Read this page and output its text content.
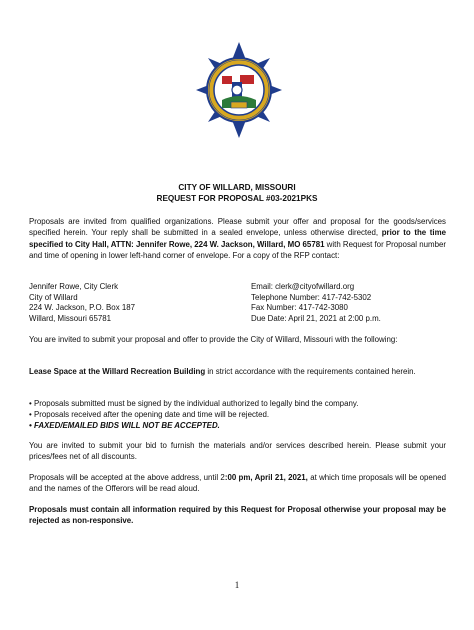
CITY OF WILLARD, MISSOURI
REQUEST FOR PROPOSAL #03-2021PKS
Proposals are invited from qualified organizations. Please submit your offer and proposal for the goods/services specified herein. Your reply shall be submitted in a sealed envelope, unless otherwise directed, prior to the time specified to City Hall, ATTN: Jennifer Rowe, 224 W. Jackson, Willard, MO 65781 with Request for Proposal number and time of opening in lower left-hand corner of envelope. For a copy of the RFP contact:
Jennifer Rowe, City Clerk
City of Willard
224 W. Jackson, P.O. Box 187
Willard, Missouri 65781
Email: clerk@cityofwillard.org
Telephone Number: 417-742-5302
Fax Number: 417-742-3080
Due Date: April 21, 2021 at 2:00 p.m.
You are invited to submit your proposal and offer to provide the City of Willard, Missouri with the following:
Lease Space at the Willard Recreation Building in strict accordance with the requirements contained herein.
• Proposals submitted must be signed by the individual authorized to legally bind the company.
• Proposals received after the opening date and time will be rejected.
• FAXED/EMAILED BIDS WILL NOT BE ACCEPTED.
You are invited to submit your bid to furnish the materials and/or services described herein. Please submit your prices/fees net of all discounts.
Proposals will be accepted at the above address, until 2:00 pm, April 21, 2021, at which time proposals will be opened and the names of the Offerors will be read aloud.
Proposals must contain all information required by this Request for Proposal otherwise your proposal may be rejected as non-responsive.
1
